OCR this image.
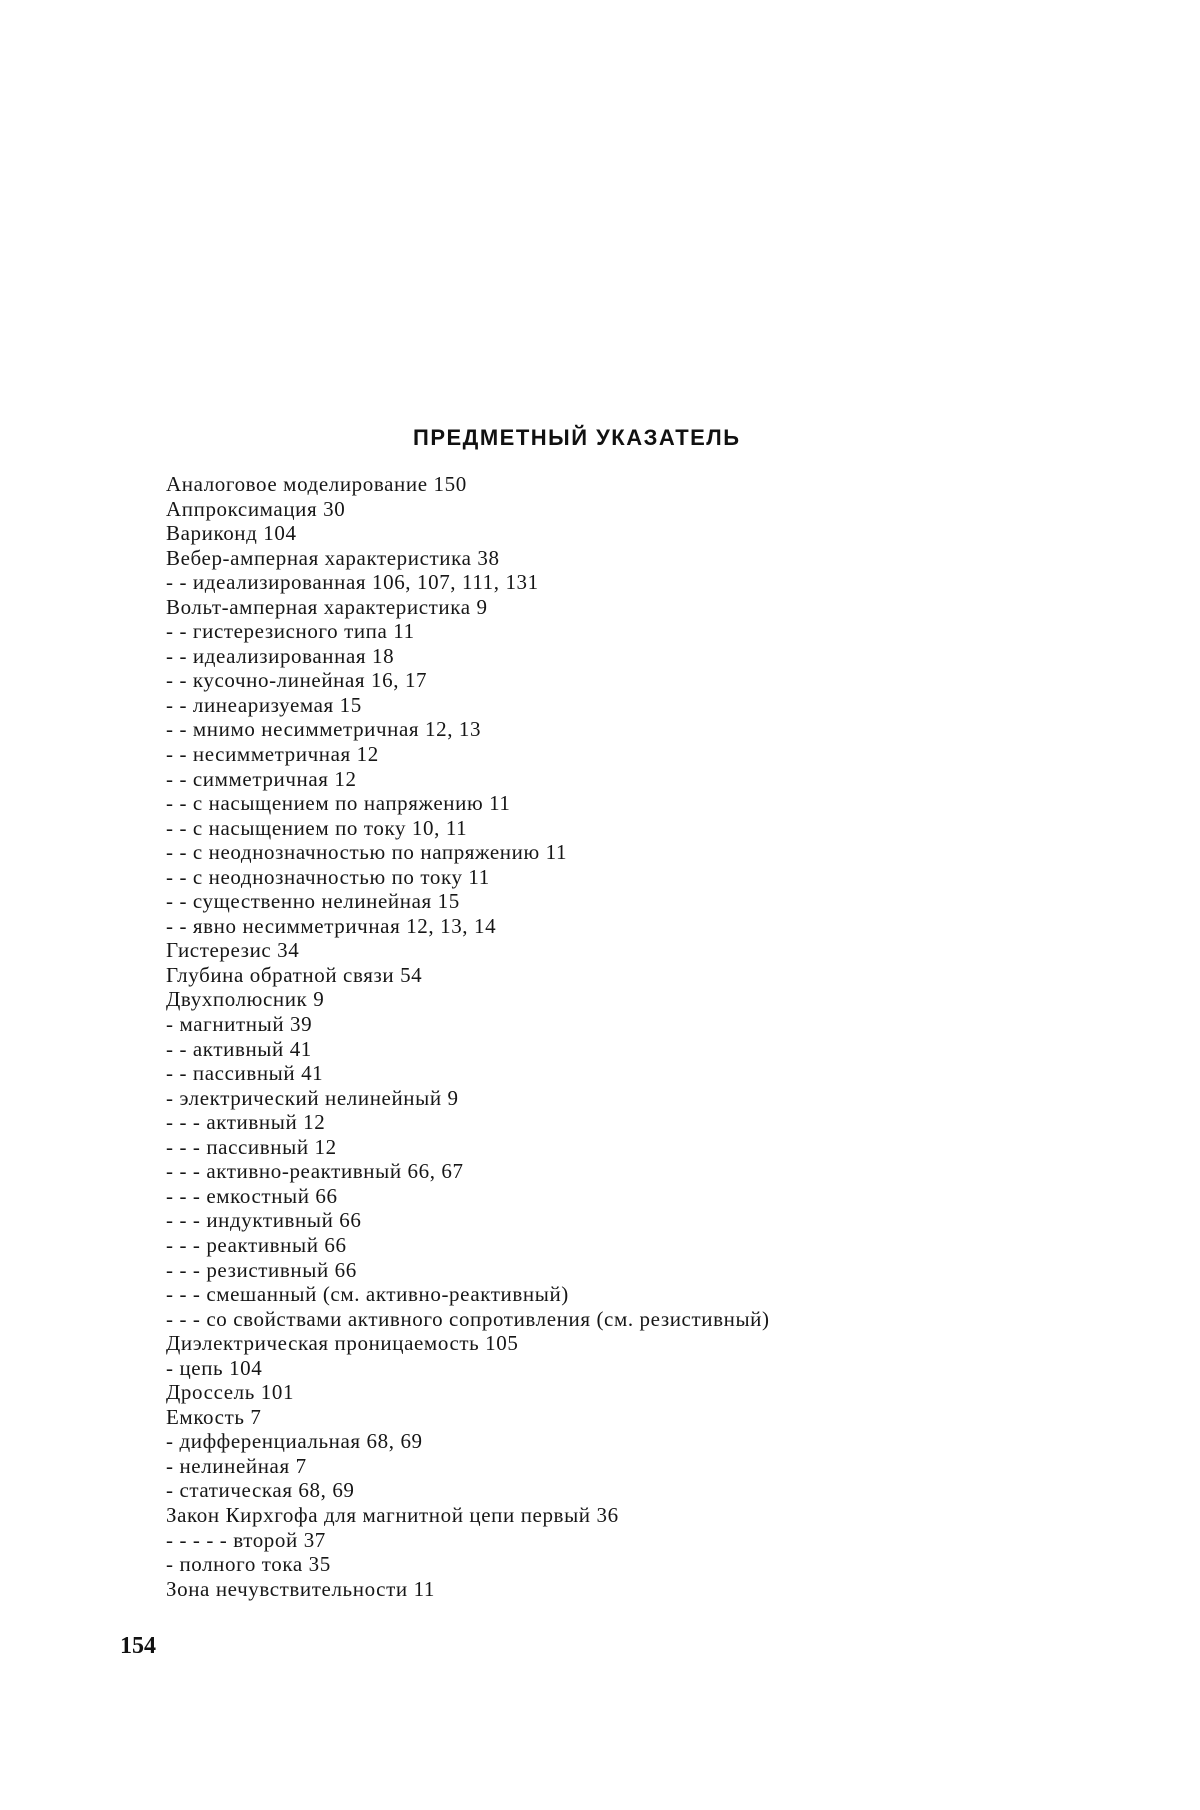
ПРЕДМЕТНЫЙ УКАЗАТЕЛЬ
Аналоговое моделирование 150
Аппроксимация 30
Вариконд 104
Вебер-амперная характеристика 38
- - идеализированная 106, 107, 111, 131
Вольт-амперная характеристика 9
- - гистерезисного типа 11
- - идеализированная 18
- - кусочно-линейная 16, 17
- - линеаризуемая 15
- - мнимо несимметричная 12, 13
- - несимметричная 12
- - симметричная 12
- - с насыщением по напряжению 11
- - с насыщением по току 10, 11
- - с неоднозначностью по напряжению 11
- - с неоднозначностью по току 11
- - существенно нелинейная 15
- - явно несимметричная 12, 13, 14
Гистерезис 34
Глубина обратной связи 54
Двухполюсник 9
- магнитный 39
- - активный 41
- - пассивный 41
- электрический нелинейный 9
- - - активный 12
- - - пассивный 12
- - - активно-реактивный 66, 67
- - - емкостный 66
- - - индуктивный 66
- - - реактивный 66
- - - резистивный 66
- - - смешанный (см. активно-реактивный)
- - - со свойствами активного сопротивления (см. резистивный)
Диэлектрическая проницаемость 105
- цепь 104
Дроссель 101
Емкость 7
- дифференциальная 68, 69
- нелинейная 7
- статическая 68, 69
Закон Кирхгофа для магнитной цепи первый 36
- - - - - второй 37
- полного тока 35
Зона нечувствительности 11
154
